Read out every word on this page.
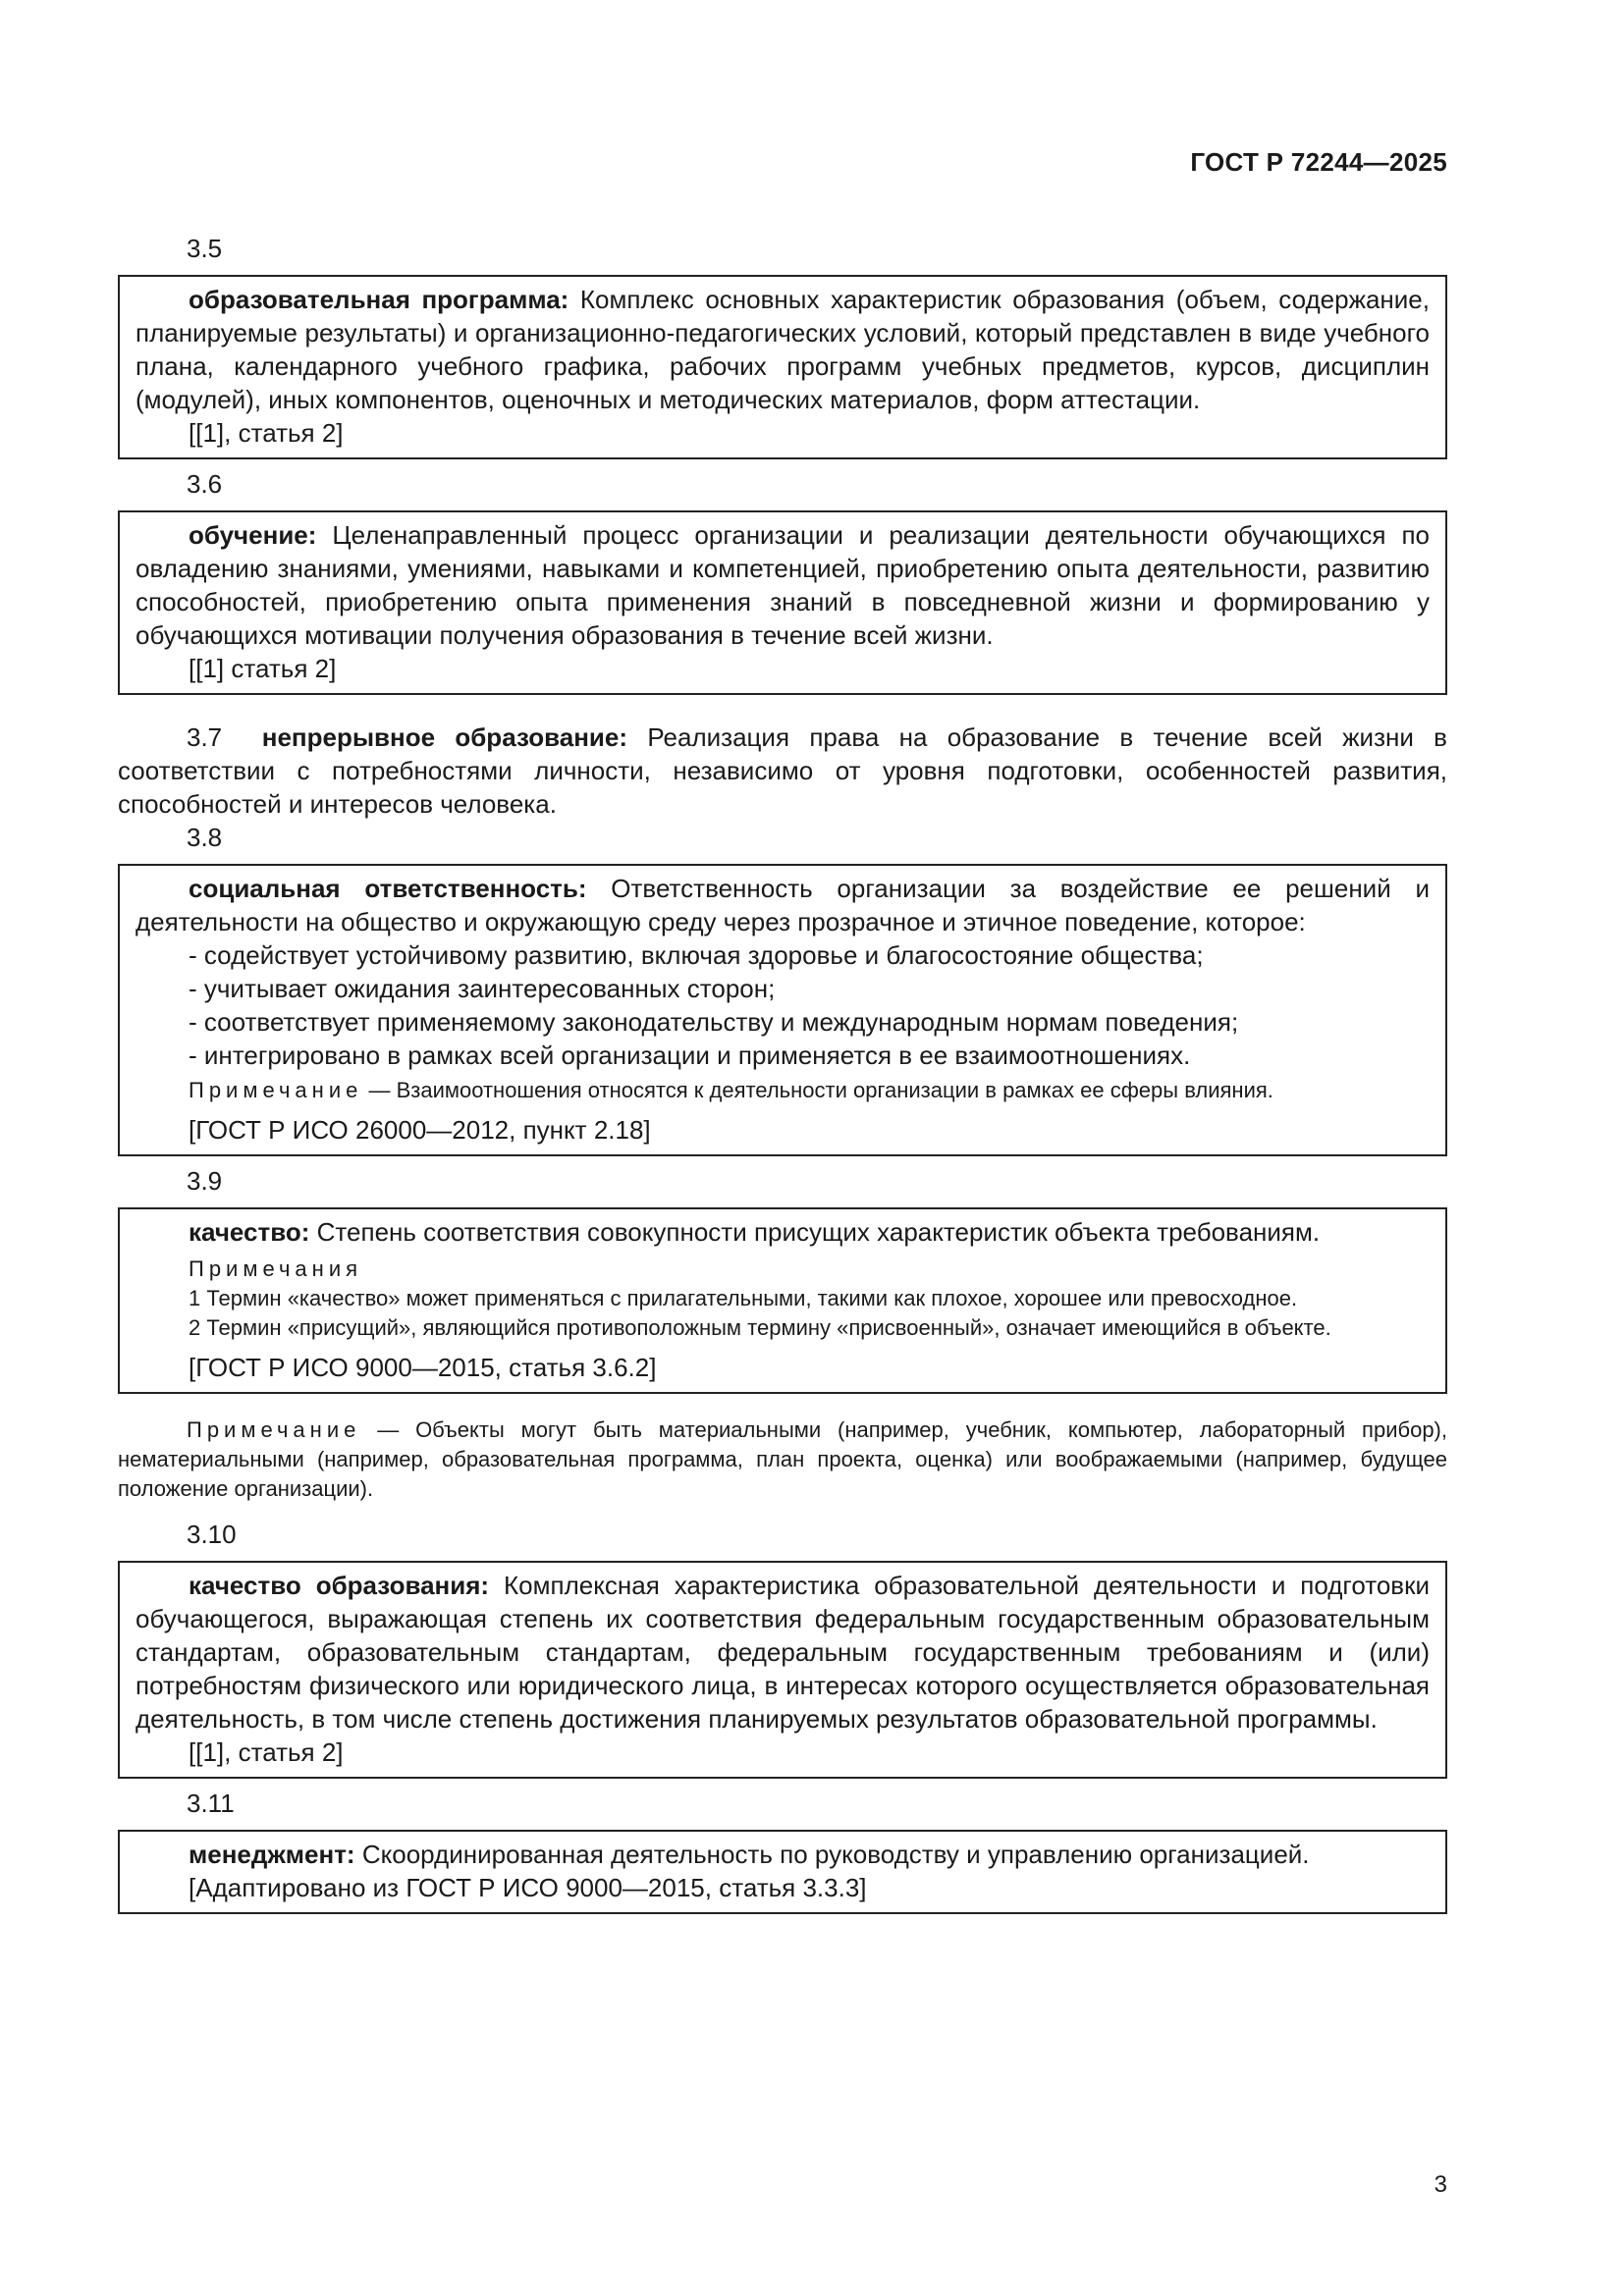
ГОСТ Р 72244—2025
3.5

образовательная программа: Комплекс основных характеристик образования (объем, содержание, планируемые результаты) и организационно-педагогических условий, который представлен в виде учебного плана, календарного учебного графика, рабочих программ учебных предметов, курсов, дисциплин (модулей), иных компонентов, оценочных и методических материалов, форм аттестации.

[[1], статья 2]

3.6

обучение: Целенаправленный процесс организации и реализации деятельности обучающихся по овладению знаниями, умениями, навыками и компетенцией, приобретению опыта деятельности, развитию способностей, приобретению опыта применения знаний в повседневной жизни и формированию у обучающихся мотивации получения образования в течение всей жизни.

[[1] статья 2]

3.7 непрерывное образование: Реализация права на образование в течение всей жизни в соответствии с потребностями личности, независимо от уровня подготовки, особенностей развития, способностей и интересов человека.

3.8

социальная ответственность: Ответственность организации за воздействие ее решений и деятельности на общество и окружающую среду через прозрачное и этичное поведение, которое:

- содействует устойчивому развитию, включая здоровье и благосостояние общества;

- учитывает ожидания заинтересованных сторон;

- соответствует применяемому законодательству и международным нормам поведения;

- интегрировано в рамках всей организации и применяется в ее взаимоотношениях.

Примечание — Взаимоотношения относятся к деятельности организации в рамках ее сферы влияния.

[ГОСТ Р ИСО 26000—2012, пункт 2.18]

3.9

качество: Степень соответствия совокупности присущих характеристик объекта требованиям.

Примечания

1 Термин «качество» может применяться с прилагательными, такими как плохое, хорошее или превосходное.

2 Термин «присущий», являющийся противоположным термину «присвоенный», означает имеющийся в объекте.

[ГОСТ Р ИСО 9000—2015, статья 3.6.2]

Примечание — Объекты могут быть материальными (например, учебник, компьютер, лабораторный прибор), нематериальными (например, образовательная программа, план проекта, оценка) или воображаемыми (например, будущее положение организации).

3.10

качество образования: Комплексная характеристика образовательной деятельности и подготовки обучающегося, выражающая степень их соответствия федеральным государственным образовательным стандартам, образовательным стандартам, федеральным государственным требованиям и (или) потребностям физического или юридического лица, в интересах которого осуществляется образовательная деятельность, в том числе степень достижения планируемых результатов образовательной программы.

[[1], статья 2]

3.11

менеджмент: Скоординированная деятельность по руководству и управлению организацией.

[Адаптировано из ГОСТ Р ИСО 9000—2015, статья 3.3.3]

3
